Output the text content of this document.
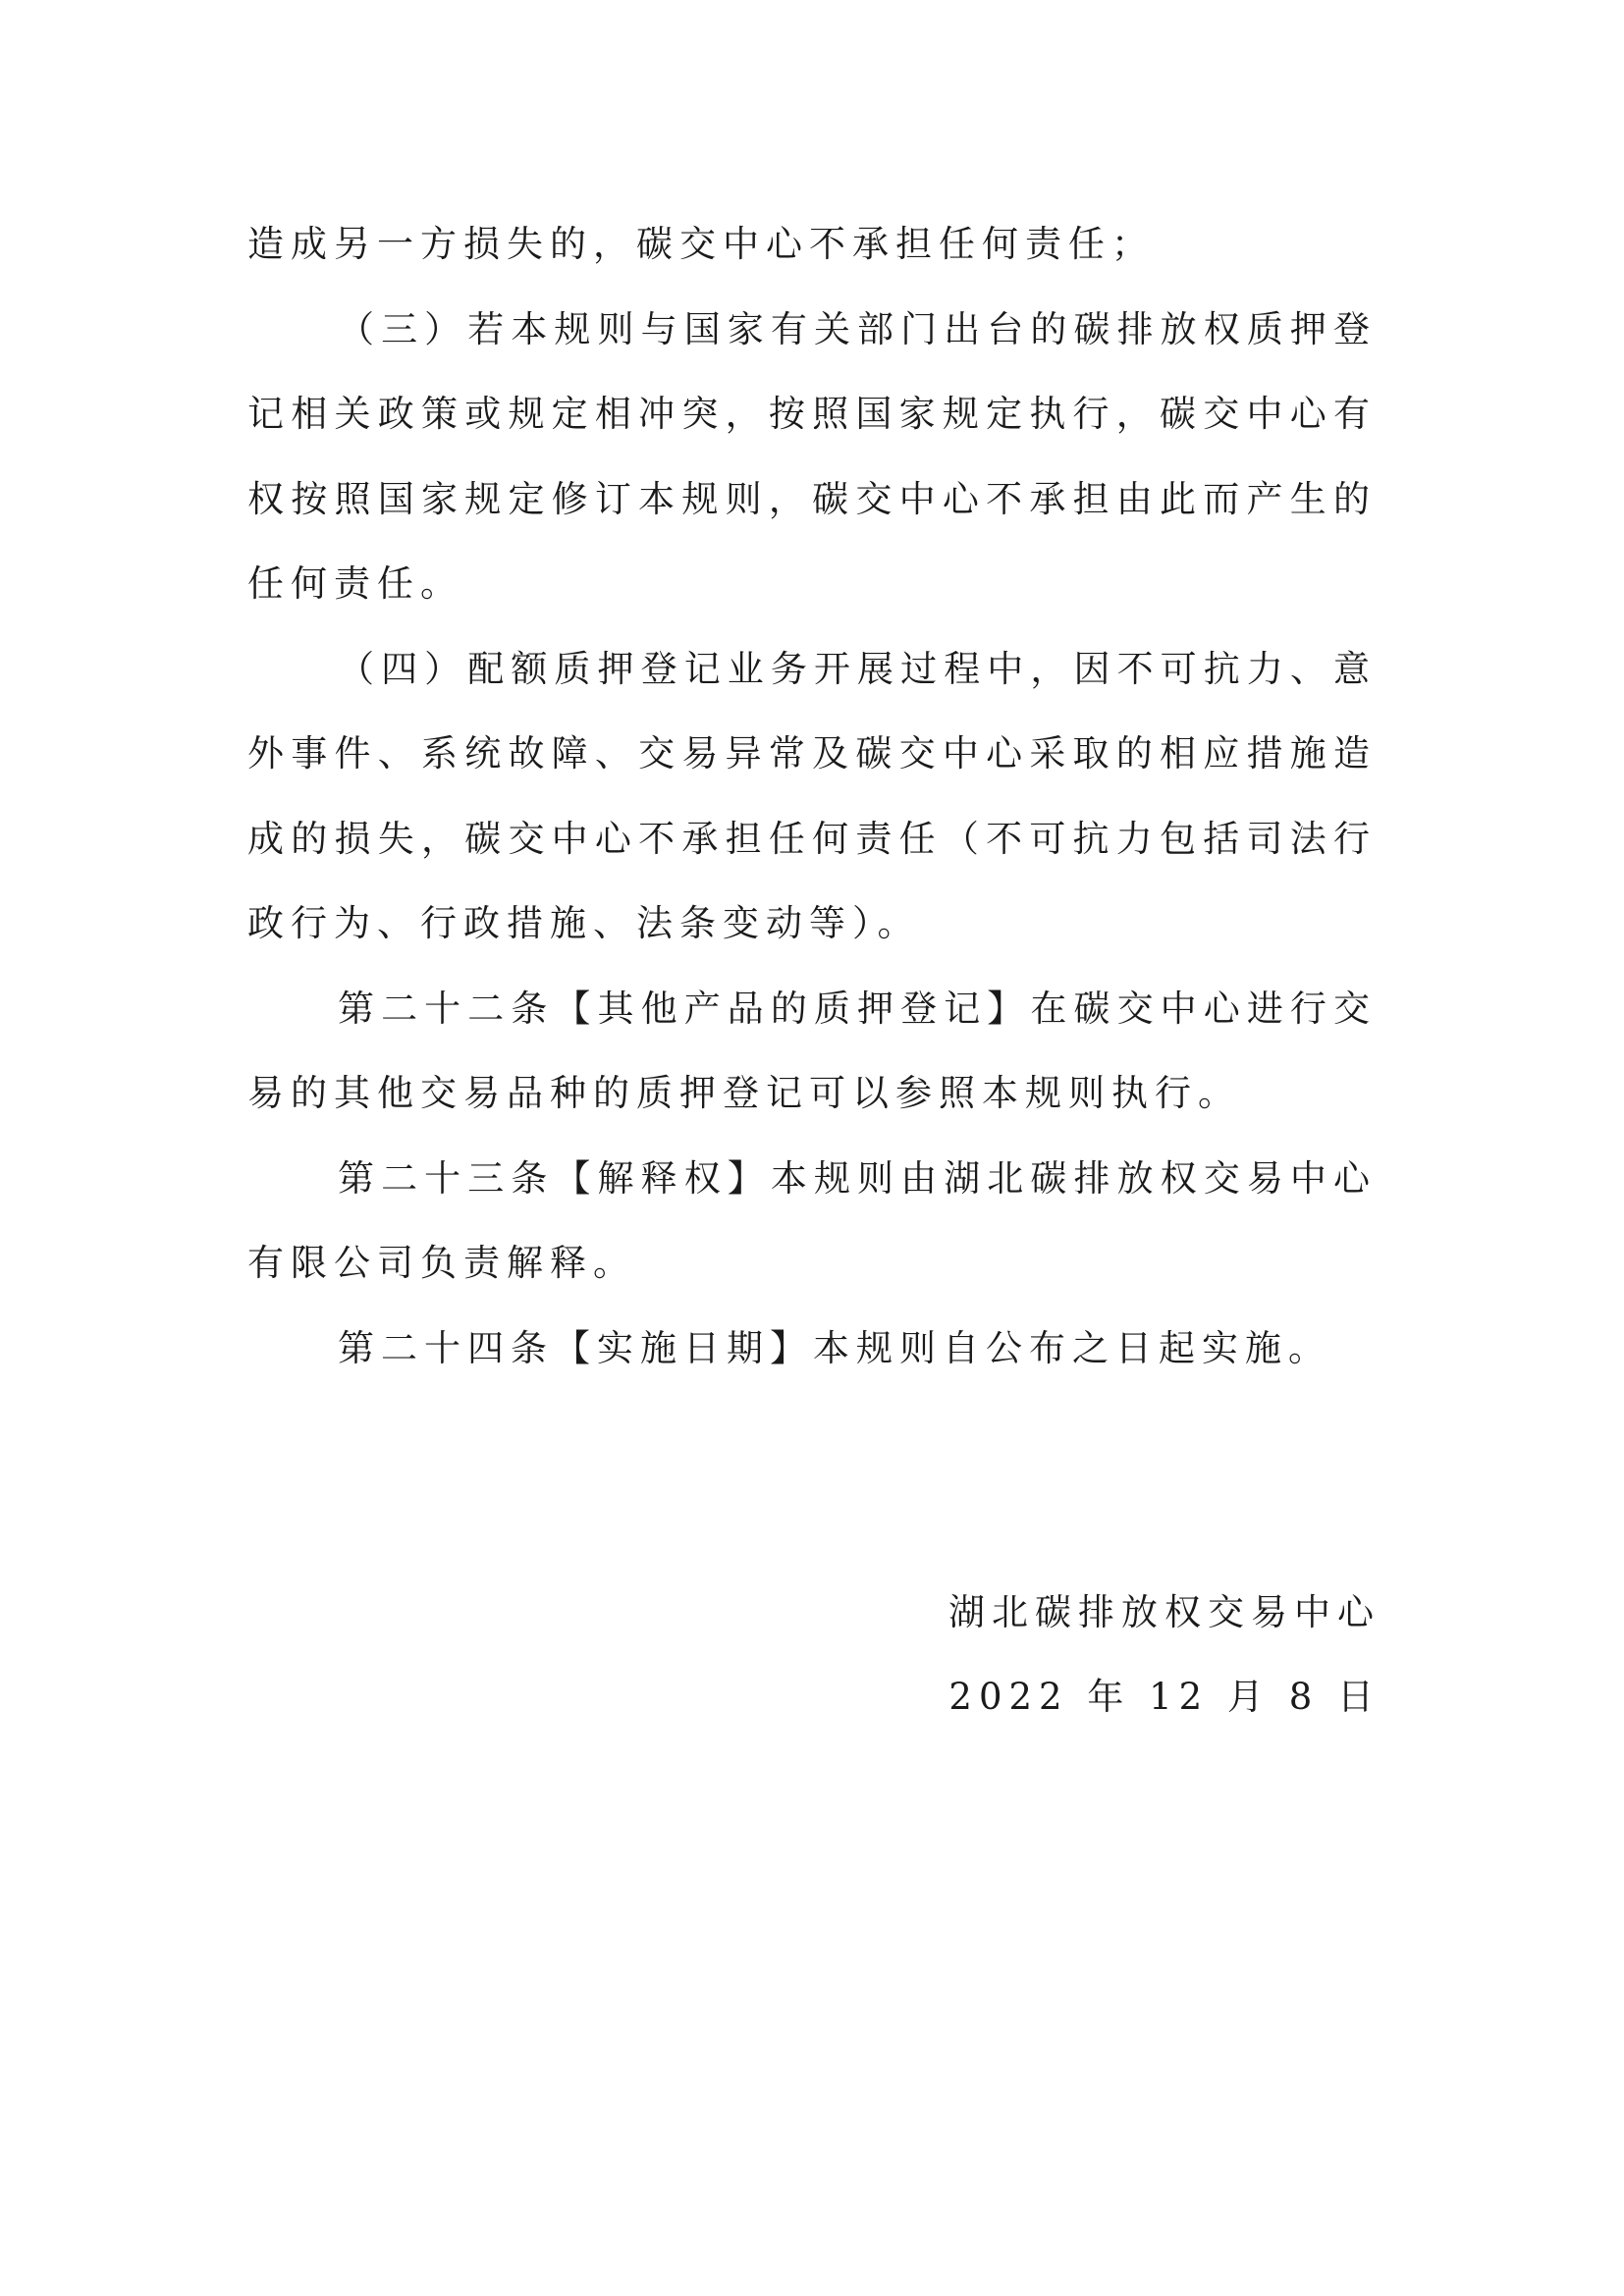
造成另一方损失的，碳交中心不承担任何责任；

（三）若本规则与国家有关部门出台的碳排放权质押登记相关政策或规定相冲突，按照国家规定执行，碳交中心有权按照国家规定修订本规则，碳交中心不承担由此而产生的任何责任。

（四）配额质押登记业务开展过程中，因不可抗力、意外事件、系统故障、交易异常及碳交中心采取的相应措施造成的损失，碳交中心不承担任何责任（不可抗力包括司法行政行为、行政措施、法条变动等）。

第二十二条【其他产品的质押登记】在碳交中心进行交易的其他交易品种的质押登记可以参照本规则执行。

第二十三条【解释权】本规则由湖北碳排放权交易中心有限公司负责解释。

第二十四条【实施日期】本规则自公布之日起实施。

湖北碳排放权交易中心
2022 年 12 月 8 日
